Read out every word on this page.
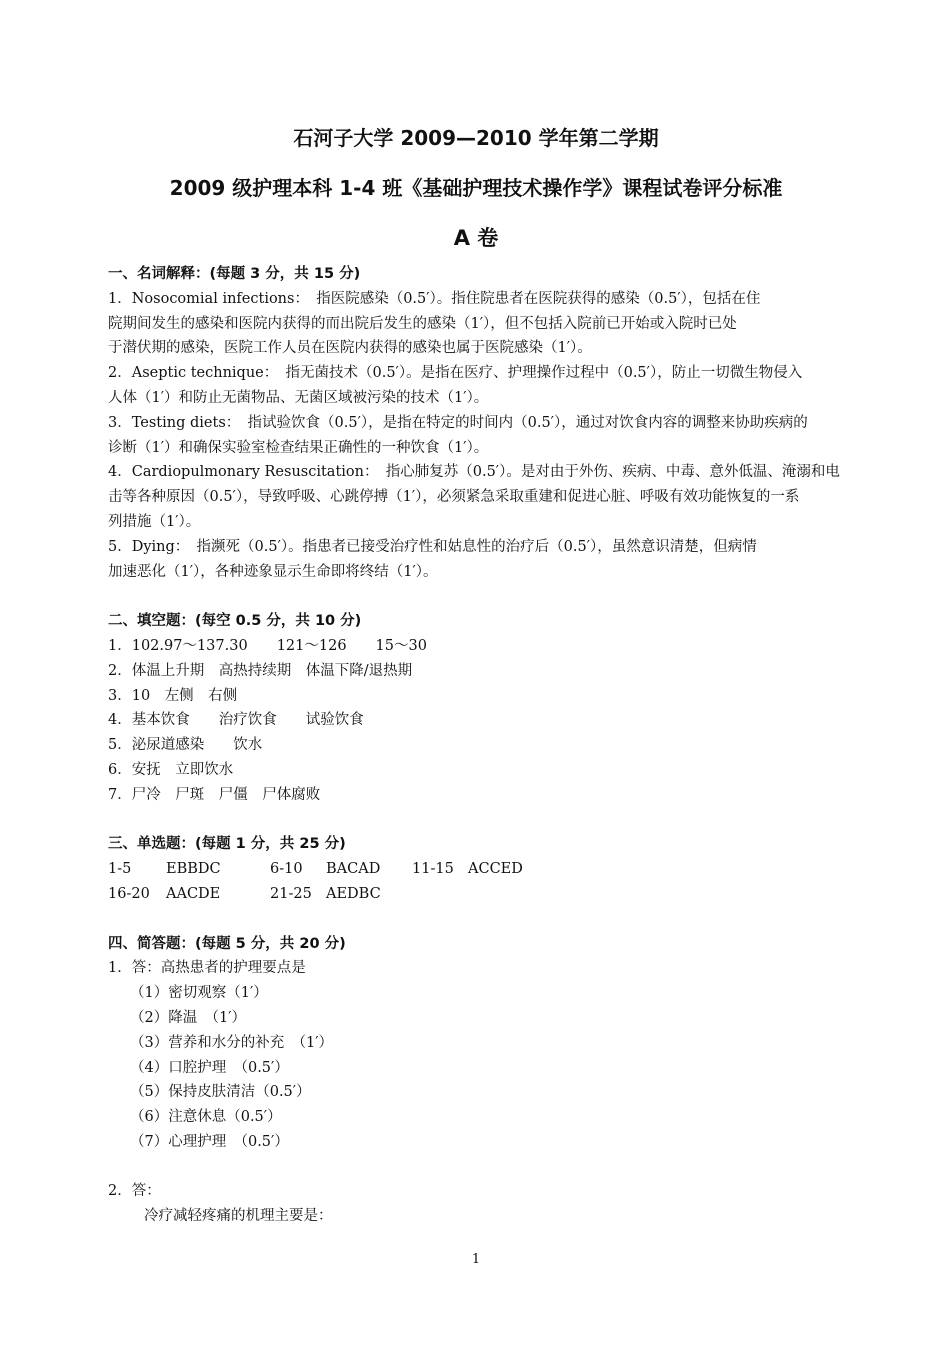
石河子大学 2009—2010 学年第二学期
2009 级护理本科 1-4 班《基础护理技术操作学》课程试卷评分标准
A 卷

一、名词解释：(每题 3 分，共 15 分)

1．Nosocomial infections：　指医院感染（0.5′）。指住院患者在医院获得的感染（0.5′），包括在住

院期间发生的感染和医院内获得的而出院后发生的感染（1′），但不包括入院前已开始或入院时已处

于潜伏期的感染，医院工作人员在医院内获得的感染也属于医院感染（1′）。

2．Aseptic technique：　指无菌技术（0.5′）。是指在医疗、护理操作过程中（0.5′），防止一切微生物侵入

人体（1′）和防止无菌物品、无菌区域被污染的技术（1′）。

3．Testing diets：　指试验饮食（0.5′），是指在特定的时间内（0.5′），通过对饮食内容的调整来协助疾病的

诊断（1′）和确保实验室检查结果正确性的一种饮食（1′）。

4．Cardiopulmonary Resuscitation：　指心肺复苏（0.5′）。是对由于外伤、疾病、中毒、意外低温、淹溺和电

击等各种原因（0.5′），导致呼吸、心跳停搏（1′），必须紧急采取重建和促进心脏、呼吸有效功能恢复的一系

列措施（1′）。

5．Dying：　指濒死（0.5′）。指患者已接受治疗性和姑息性的治疗后（0.5′），虽然意识清楚，但病情

加速恶化（1′），各种迹象显示生命即将终结（1′）。

二、填空题：(每空 0.5 分，共 10 分)

1．102.97～137.30　　121～126　　15～30

2．体温上升期　高热持续期　体温下降/退热期

3．10　左侧　右侧

4．基本饮食　　治疗饮食　　试验饮食

5．泌尿道感染　　饮水

6．安抚　立即饮水

7．尸冷　尸斑　尸僵　尸体腐败

三、单选题：(每题 1 分，共 25 分)

1-5 EBBDC	6-10 BACAD 11-15 ACCED

16-20 AACDE	21-25 AEDBC

四、简答题：(每题 5 分，共 20 分)

1．答：高热患者的护理要点是

（1）密切观察（1′）

（2）降温　（1′）

（3）营养和水分的补充　（1′）

（4）口腔护理　（0.5′）

（5）保持皮肤清洁（0.5′）

（6）注意休息（0.5′）

（7）心理护理　（0.5′）

2．答：

冷疗减轻疼痛的机理主要是：

1
